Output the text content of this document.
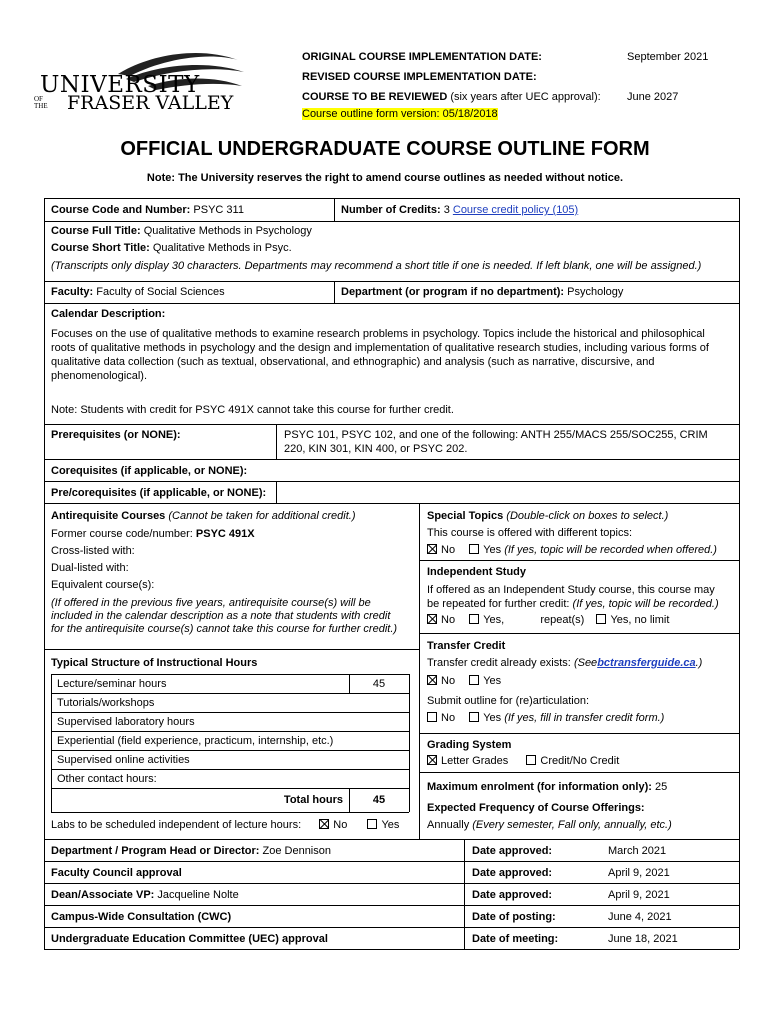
UNIVERSITY
OF THE	FRASER VALLEY
ORIGINAL COURSE IMPLEMENTATION DATE:	September 2021
REVISED COURSE IMPLEMENTATION DATE:
COURSE TO BE REVIEWED (six years after UEC approval): June 2027
Course outline form version: 05/18/2018
OFFICIAL UNDERGRADUATE COURSE OUTLINE FORM
Note: The University reserves the right to amend course outlines as needed without notice.
Course Code and Number: PSYC 311	Number of Credits: 3 Course credit policy (105)
Course Full Title: Qualitative Methods in Psychology
Course Short Title: Qualitative Methods in Psyc.
(Transcripts only display 30 characters. Departments may recommend a short title if one is needed. If left blank, one will be assigned.)
Faculty: Faculty of Social Sciences	Department (or program if no department): Psychology
Calendar Description:
Focuses on the use of qualitative methods to examine research problems in psychology. Topics include the historical and philosophical
roots of qualitative methods in psychology and the design and implementation of qualitative research studies, including various forms of
qualitative data collection (such as textual, observational, and ethnographic) and analysis (such as narrative, discursive, and
phenomenological).
Note: Students with credit for PSYC 491X cannot take this course for further credit.
Prerequisites (or NONE):	PSYC 101, PSYC 102, and one of the following: ANTH 255/MACS 255/SOC255, CRIM
220, KIN 301, KIN 400, or PSYC 202.
Corequisites (if applicable, or NONE):
Pre/corequisites (if applicable, or NONE):
Antirequisite Courses (Cannot be taken for additional credit.)
Former course code/number: PSYC 491X
Cross-listed with:
Dual-listed with:
Equivalent course(s):
(If offered in the previous five years, antirequisite course(s) will be
included in the calendar description as a note that students with credit
for the antirequisite course(s) cannot take this course for further credit.)
Typical Structure of Instructional Hours
Lecture/seminar hours	45
Tutorials/workshops
Supervised laboratory hours
Experiential (field experience, practicum, internship, etc.)
Supervised online activities
Other contact hours:
Total hours	45
Labs to be scheduled independent of lecture hours:	No	Yes
Special Topics (Double-click on boxes to select.)
This course is offered with different topics:
No	Yes (If yes, topic will be recorded when offered.)
Independent Study
If offered as an Independent Study course, this course may
be repeated for further credit: (If yes, topic will be recorded.)
No	Yes,	repeat(s) Yes, no limit
Transfer Credit
Transfer credit already exists: (Seebctransferguide.ca.)
No	Yes
Submit outline for (re)articulation:
No	Yes (If yes, fill in transfer credit form.)
Grading System
Letter Grades	Credit/No Credit
Maximum enrolment (for information only): 25
Expected Frequency of Course Offerings:
Annually (Every semester, Fall only, annually, etc.)
Department / Program Head or Director: Zoe Dennison	Date approved:	March 2021
Faculty Council approval	Date approved:	April 9, 2021
Dean/Associate VP: Jacqueline Nolte	Date approved:	April 9, 2021
Campus-Wide Consultation (CWC)	Date of posting:	June 4, 2021
Undergraduate Education Committee (UEC) approval	Date of meeting:	June 18, 2021
